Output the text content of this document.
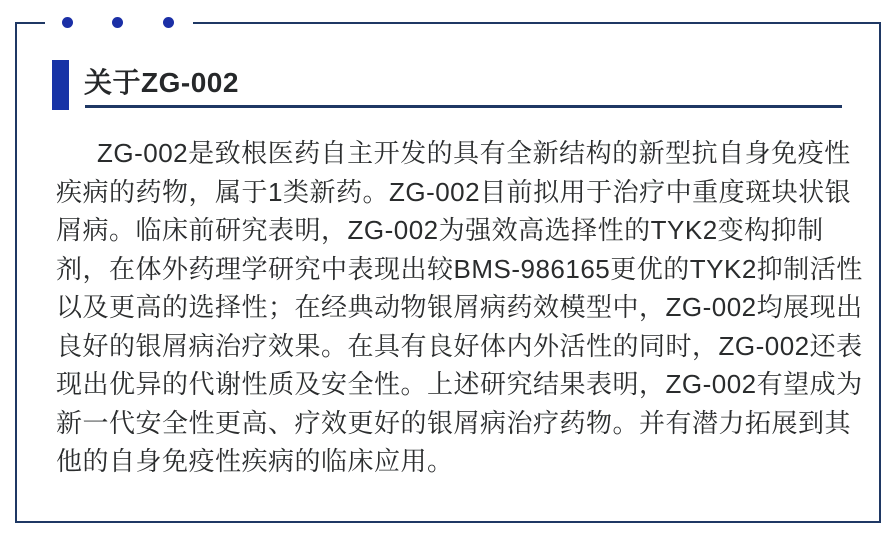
关于ZG-002
ZG-002是致根医药自主开发的具有全新结构的新型抗自身免疫性
疾病的药物，属于1类新药。ZG-002目前拟用于治疗中重度斑块状银
屑病。临床前研究表明，ZG-002为强效高选择性的TYK2变构抑制
剂，在体外药理学研究中表现出较BMS-986165更优的TYK2抑制活性
以及更高的选择性；在经典动物银屑病药效模型中，ZG-002均展现出
良好的银屑病治疗效果。在具有良好体内外活性的同时，ZG-002还表
现出优异的代谢性质及安全性。上述研究结果表明，ZG-002有望成为
新一代安全性更高、疗效更好的银屑病治疗药物。并有潜力拓展到其
他的自身免疫性疾病的临床应用。
